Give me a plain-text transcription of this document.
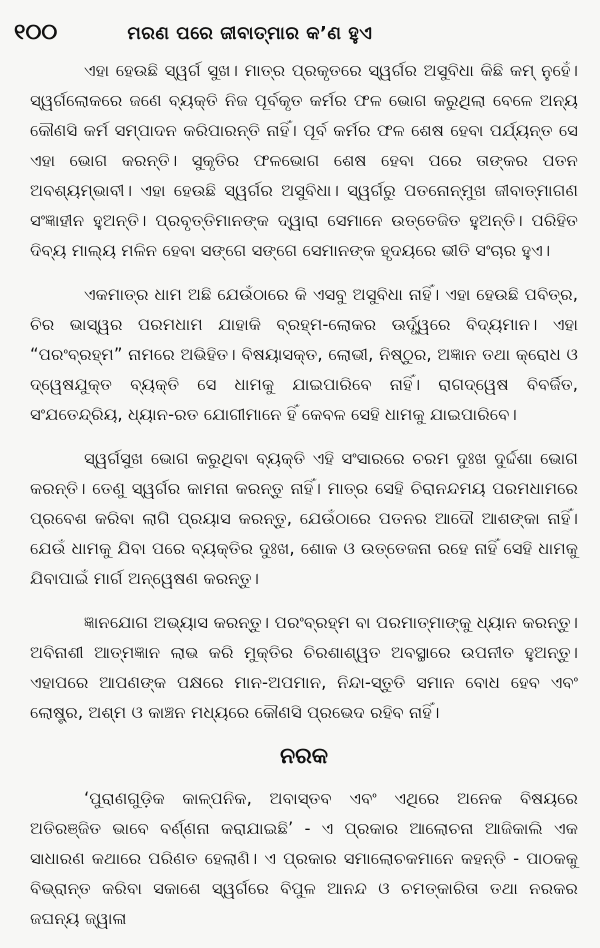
୧୦୦	ମରଣ ପରେ ଜୀବାତ୍ମାର କ’ଣ ହୁଏ

ଏହା ହେଉଛି ସ୍ୱର୍ଗ ସୁଖ। ମାତ୍ର ପ୍ରକୃତରେ ସ୍ୱର୍ଗର ଅସୁବିଧା କିଛି କମ୍ ନୁହେଁ। ସ୍ୱର୍ଗଲୋକରେ ଜଣେ ବ୍ୟକ୍ତି ନିଜ ପୂର୍ବକୃତ କର୍ମର ଫଳ ଭୋଗ କରୁଥିଲା ବେଳେ ଅନ୍ୟ କୌଣସି କର୍ମ ସମ୍ପାଦନ କରିପାରନ୍ତି ନାହିଁ। ପୂର୍ବ କର୍ମର ଫଳ ଶେଷ ହେବା ପର୍ଯ୍ୟନ୍ତ ସେ ଏହା ଭୋଗ କରନ୍ତି। ସୁକୃତିର ଫଳଭୋଗ ଶେଷ ହେବା ପରେ ତାଙ୍କର ପତନ ଅବଶ୍ୟମ୍ଭାବୀ। ଏହା ହେଉଛି ସ୍ୱର୍ଗର ଅସୁବିଧା। ସ୍ୱର୍ଗରୁ ପତନୋନ୍ମୁଖ ଜୀବାତ୍ମାଗଣ ସଂଜ୍ଞାହୀନ ହୁଅନ୍ତି। ପ୍ରବୃତ୍ତିମାନଙ୍କ ଦ୍ୱାରା ସେମାନେ ଉତ୍ତେଜିତ ହୁଅନ୍ତି। ପରିହିତ ଦିବ୍ୟ ମାଲ୍ୟ ମଳିନ ହେବା ସଙ୍ଗେ ସଙ୍ଗେ ସେମାନଙ୍କ ହୃଦୟରେ ଭୀତି ସଂଚାର ହୁଏ।

ଏକମାତ୍ର ଧାମ ଅଛି ଯେଉଁଠାରେ କି ଏସବୁ ଅସୁବିଧା ନାହିଁ। ଏହା ହେଉଛି ପବିତ୍ର, ଚିର ଭାସ୍ୱର ପରମଧାମ ଯାହାକି ବ୍ରହ୍ମ-ଲୋକର ଊର୍ଦ୍ଧ୍ୱରେ ବିଦ୍ୟମାନ। ଏହା “ପରଂବ୍ରହ୍ମ” ନାମରେ ଅଭିହିତ। ବିଷୟାସକ୍ତ, ଲୋଭୀ, ନିଷ୍ଠୁର, ଅଜ୍ଞାନ ତଥା କ୍ରୋଧ ଓ ଦ୍ୱେଷଯୁକ୍ତ ବ୍ୟକ୍ତି ସେ ଧାମକୁ ଯାଇପାରିବେ ନାହିଁ। ରାଗଦ୍ୱେଷ ବିବର୍ଜିତ, ସଂଯତେନ୍ଦ୍ରିୟ, ଧ୍ୟାନ-ରତ ଯୋଗୀମାନେ ହିଁ କେବଳ ସେହି ଧାମକୁ ଯାଇପାରିବେ।

ସ୍ୱର୍ଗସୁଖ ଭୋଗ କରୁଥିବା ବ୍ୟକ୍ତି ଏହି ସଂସାରରେ ଚରମ ଦୁଃଖ ଦୁର୍ଦ୍ଦଶା ଭୋଗ କରନ୍ତି। ତେଣୁ ସ୍ୱର୍ଗର କାମନା କରନ୍ତୁ ନାହିଁ। ମାତ୍ର ସେହି ଚିରାନନ୍ଦମୟ ପରମଧାମରେ ପ୍ରବେଶ କରିବା ଲାଗି ପ୍ରୟାସ କରନ୍ତୁ, ଯେଉଁଠାରେ ପତନର ଆଦୌ ଆଶଙ୍କା ନାହିଁ। ଯେଉଁ ଧାମକୁ ଯିବା ପରେ ବ୍ୟକ୍ତିର ଦୁଃଖ, ଶୋକ ଓ ଉତ୍ତେଜନା ରହେ ନାହିଁ ସେହି ଧାମକୁ ଯିବାପାଇଁ ମାର୍ଗ ଅନ୍ୱେଷଣ କରନ୍ତୁ।

ଜ୍ଞାନଯୋଗ ଅଭ୍ୟାସ କରନ୍ତୁ। ପରଂବ୍ରହ୍ମ ବା ପରମାତ୍ମାଙ୍କୁ ଧ୍ୟାନ କରନ୍ତୁ। ଅବିନାଶୀ ଆତ୍ମଜ୍ଞାନ ଲାଭ କରି ମୁକ୍ତିର ଚିରଶାଶ୍ୱତ ଅବସ୍ଥାରେ ଉପନୀତ ହୁଅନ୍ତୁ। ଏହାପରେ ଆପଣଙ୍କ ପକ୍ଷରେ ମାନ-ଅପମାନ, ନିନ୍ଦା-ସ୍ତୁତି ସମାନ ବୋଧ ହେବ ଏବଂ ଲୋଷ୍ଟ୍ର, ଅଶ୍ମ ଓ କାଞ୍ଚନ ମଧ୍ୟରେ କୌଣସି ପ୍ରଭେଦ ରହିବ ନାହିଁ।

ନରକ

‘ପୁରାଣଗୁଡ଼ିକ କାଳ୍ପନିକ, ଅବାସ୍ତବ ଏବଂ ଏଥିରେ ଅନେକ ବିଷୟରେ ଅତିରଞ୍ଜିତ ଭାବେ ବର୍ଣ୍ଣନା କରାଯାଇଛି’ - ଏ ପ୍ରକାର ଆଲୋଚନା ଆଜିକାଲି ଏକ ସାଧାରଣ କଥାରେ ପରିଣତ ହେଲାଣି। ଏ ପ୍ରକାର ସମାଲୋଚକମାନେ କହନ୍ତି - ପାଠକକୁ ବିଭ୍ରାନ୍ତ କରିବା ସକାଶେ ସ୍ୱର୍ଗରେ ବିପୁଳ ଆନନ୍ଦ ଓ ଚମତ୍କାରିତା ତଥା ନରକର ଜଘନ୍ୟ ଜ୍ୱାଳା
